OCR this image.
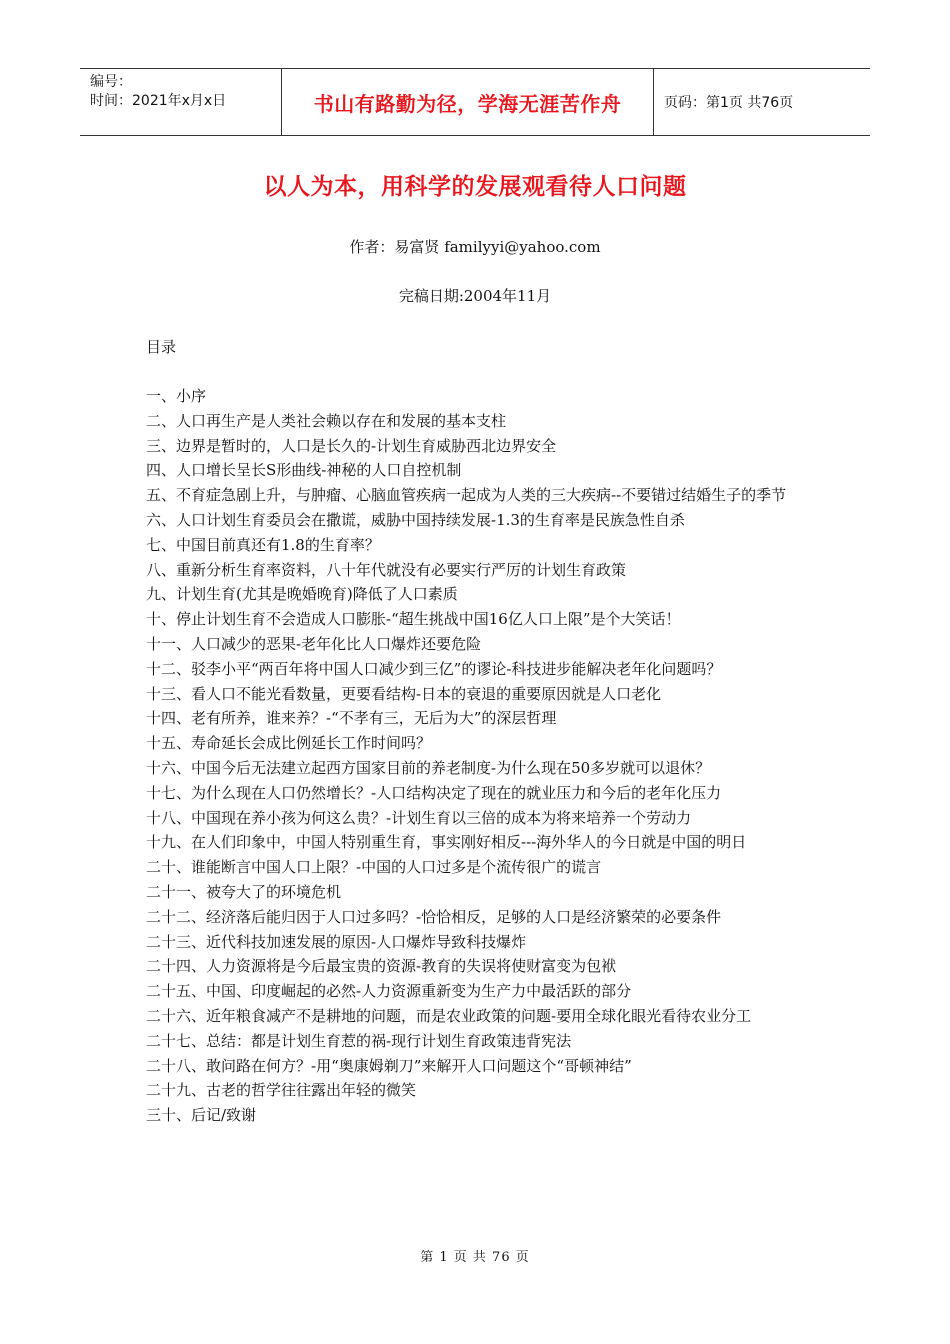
编号：
时间：2021年x月x日	书山有路勤为径，学海无涯苦作舟	页码：第1页 共76页
以人为本，用科学的发展观看待人口问题
作者：易富贤 familyyi@yahoo.com
完稿日期:2004年11月
目录
一、小序
二、人口再生产是人类社会赖以存在和发展的基本支柱
三、边界是暂时的，人口是长久的-计划生育威胁西北边界安全
四、人口增长呈长S形曲线-神秘的人口自控机制
五、不育症急剧上升，与肿瘤、心脑血管疾病一起成为人类的三大疾病--不要错过结婚生子的季节
六、人口计划生育委员会在撒谎，威胁中国持续发展-1.3的生育率是民族急性自杀
七、中国目前真还有1.8的生育率？
八、重新分析生育率资料，八十年代就没有必要实行严厉的计划生育政策
九、计划生育(尤其是晚婚晚育)降低了人口素质
十、停止计划生育不会造成人口膨胀-“超生挑战中国16亿人口上限”是个大笑话！
十一、人口减少的恶果-老年化比人口爆炸还要危险
十二、驳李小平“两百年将中国人口减少到三亿”的谬论-科技进步能解决老年化问题吗？
十三、看人口不能光看数量，更要看结构-日本的衰退的重要原因就是人口老化
十四、老有所养，谁来养？-“不孝有三，无后为大”的深层哲理
十五、寿命延长会成比例延长工作时间吗？
十六、中国今后无法建立起西方国家目前的养老制度-为什么现在50多岁就可以退休？
十七、为什么现在人口仍然增长？-人口结构决定了现在的就业压力和今后的老年化压力
十八、中国现在养小孩为何这么贵？-计划生育以三倍的成本为将来培养一个劳动力
十九、在人们印象中，中国人特别重生育，事实刚好相反---海外华人的今日就是中国的明日
二十、谁能断言中国人口上限？-中国的人口过多是个流传很广的谎言
二十一、被夸大了的环境危机
二十二、经济落后能归因于人口过多吗？-恰恰相反，足够的人口是经济繁荣的必要条件
二十三、近代科技加速发展的原因-人口爆炸导致科技爆炸
二十四、人力资源将是今后最宝贵的资源-教育的失误将使财富变为包袱
二十五、中国、印度崛起的必然-人力资源重新变为生产力中最活跃的部分
二十六、近年粮食减产不是耕地的问题，而是农业政策的问题-要用全球化眼光看待农业分工
二十七、总结：都是计划生育惹的祸-现行计划生育政策违背宪法
二十八、敢问路在何方？-用“奥康姆剃刀”来解开人口问题这个“哥顿神结”
二十九、古老的哲学往往露出年轻的微笑
三十、后记/致谢
第 1 页 共 76 页
